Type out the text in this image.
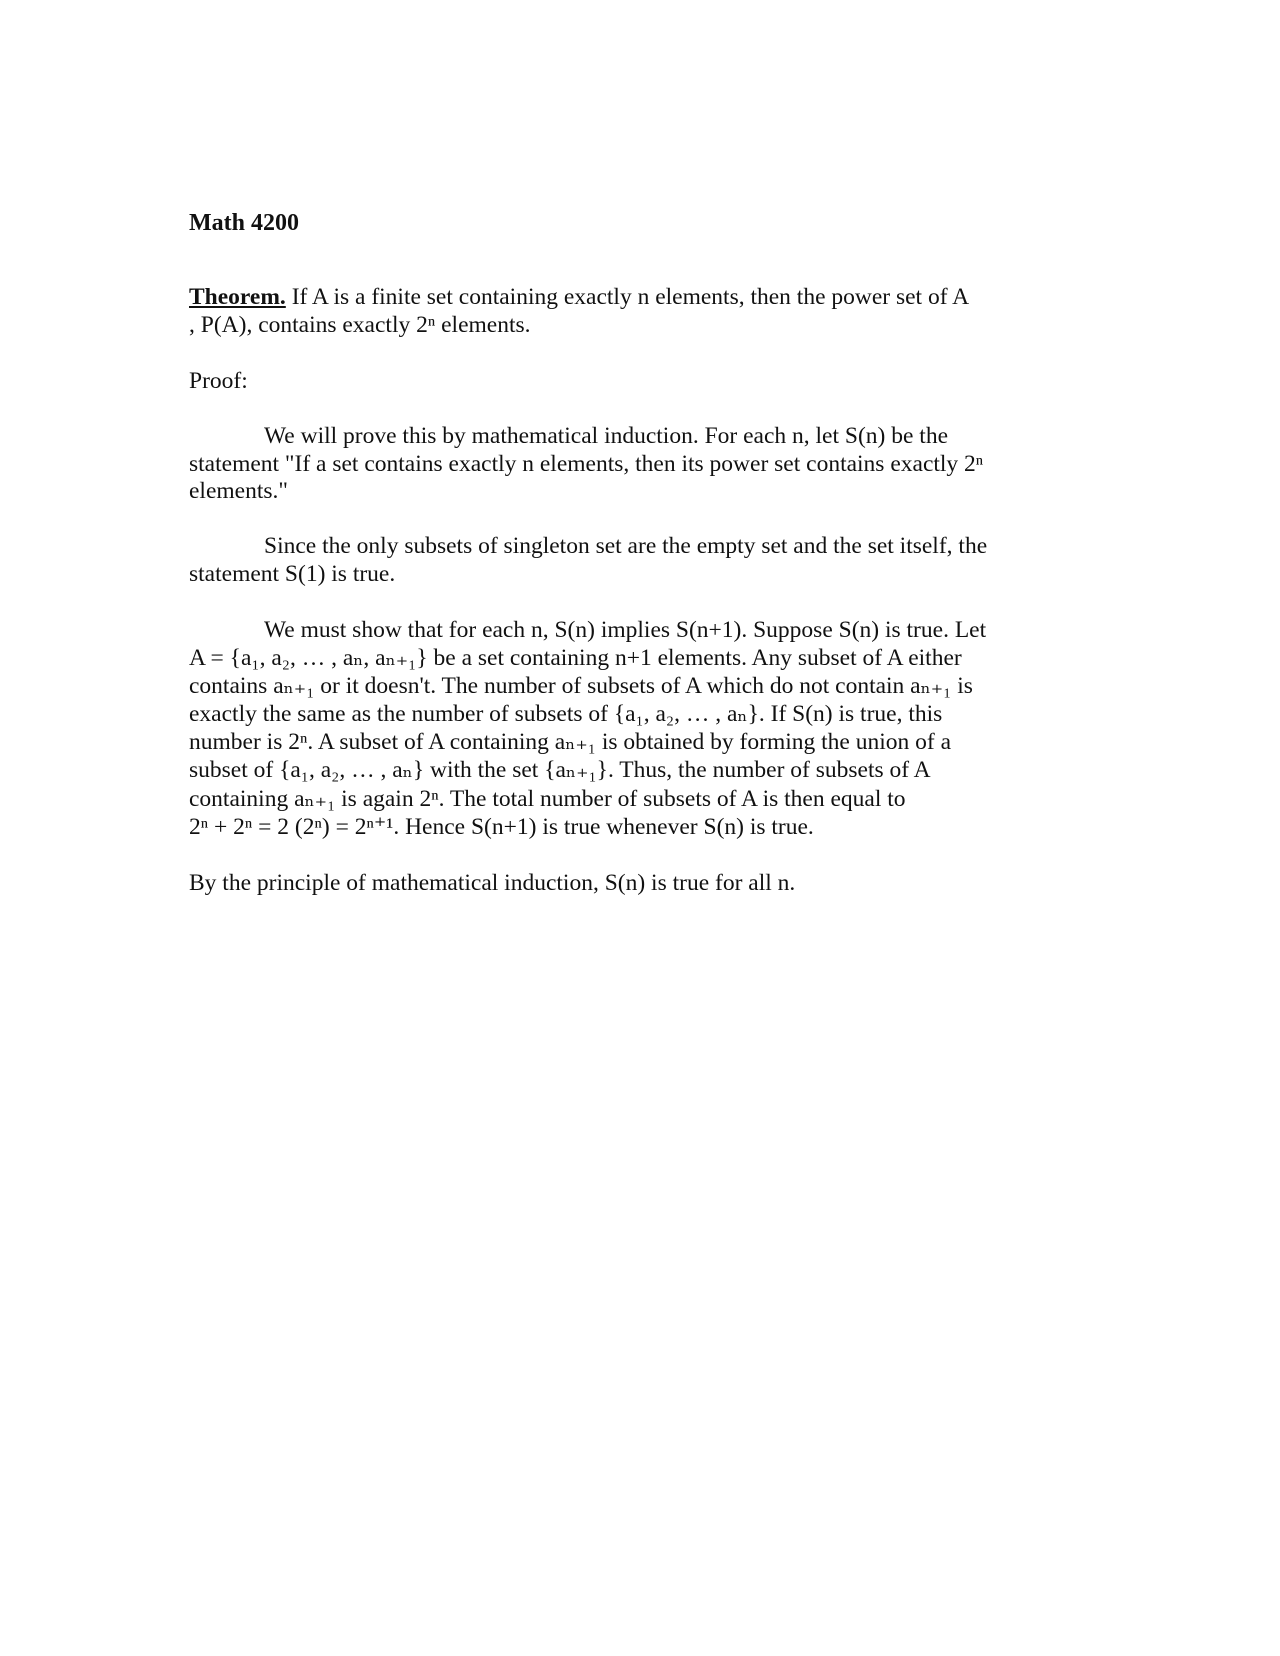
Math 4200
Theorem. If A is a finite set containing exactly n elements, then the power set of A
, P(A), contains exactly 2ⁿ elements.
Proof:
We will prove this by mathematical induction. For each n, let S(n) be the
statement "If a set contains exactly n elements, then its power set contains exactly 2ⁿ
elements."
Since the only subsets of singleton set are the empty set and the set itself, the
statement S(1) is true.
We must show that for each n, S(n) implies S(n+1). Suppose S(n) is true. Let
A = {a₁, a₂, … , aₙ, aₙ₊₁} be a set containing n+1 elements. Any subset of A either
contains aₙ₊₁ or it doesn't. The number of subsets of A which do not contain aₙ₊₁ is
exactly the same as the number of subsets of {a₁, a₂, … , aₙ}. If S(n) is true, this
number is 2ⁿ. A subset of A containing aₙ₊₁ is obtained by forming the union of a
subset of {a₁, a₂, … , aₙ} with the set {aₙ₊₁}. Thus, the number of subsets of A
containing aₙ₊₁ is again 2ⁿ. The total number of subsets of A is then equal to
2ⁿ + 2ⁿ = 2 (2ⁿ) = 2ⁿ⁺¹. Hence S(n+1) is true whenever S(n) is true.
By the principle of mathematical induction, S(n) is true for all n.
